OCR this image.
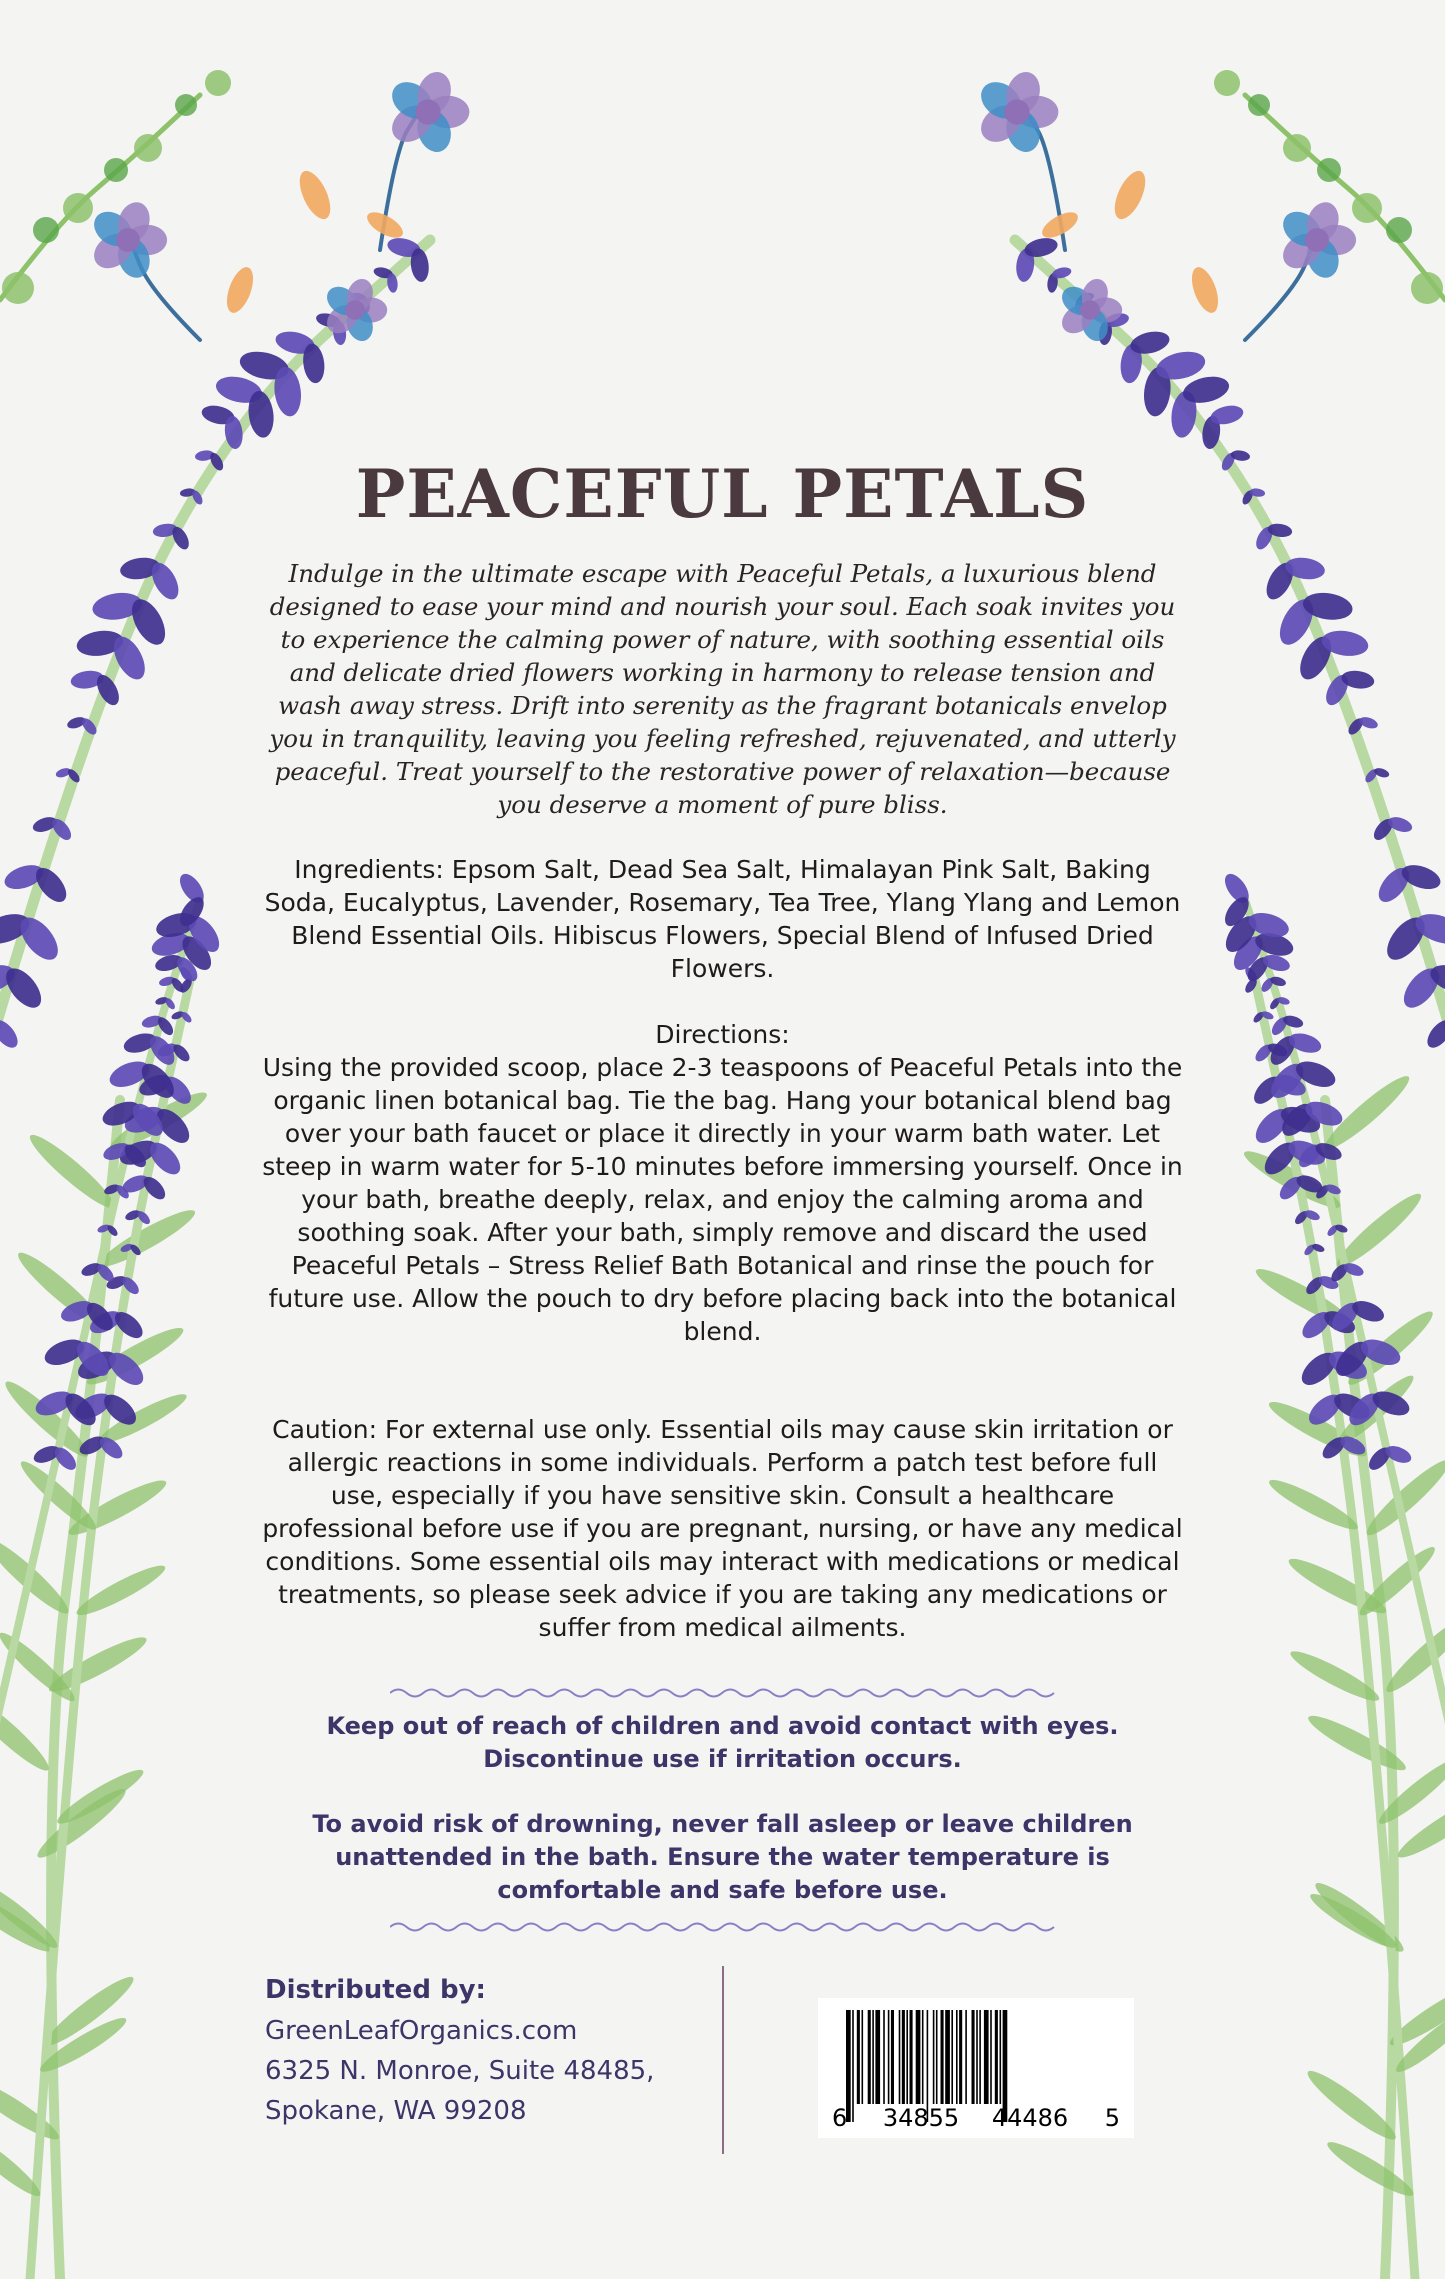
PEACEFUL PETALS

Indulge in the ultimate escape with Peaceful Petals, a luxurious blend designed to ease your mind and nourish your soul. Each soak invites you to experience the calming power of nature, with soothing essential oils and delicate dried flowers working in harmony to release tension and wash away stress. Drift into serenity as the fragrant botanicals envelop you in tranquility, leaving you feeling refreshed, rejuvenated, and utterly peaceful. Treat yourself to the restorative power of relaxation—because you deserve a moment of pure bliss.

Ingredients: Epsom Salt, Dead Sea Salt, Himalayan Pink Salt, Baking Soda, Eucalyptus, Lavender, Rosemary, Tea Tree, Ylang Ylang and Lemon Blend Essential Oils. Hibiscus Flowers, Special Blend of Infused Dried Flowers.

Directions:

Using the provided scoop, place 2-3 teaspoons of Peaceful Petals into the organic linen botanical bag. Tie the bag. Hang your botanical blend bag over your bath faucet or place it directly in your warm bath water. Let steep in warm water for 5-10 minutes before immersing yourself. Once in your bath, breathe deeply, relax, and enjoy the calming aroma and soothing soak. After your bath, simply remove and discard the used Peaceful Petals – Stress Relief Bath Botanical and rinse the pouch for future use. Allow the pouch to dry before placing back into the botanical blend.

Caution: For external use only. Essential oils may cause skin irritation or allergic reactions in some individuals. Perform a patch test before full use, especially if you have sensitive skin. Consult a healthcare professional before use if you are pregnant, nursing, or have any medical conditions. Some essential oils may interact with medications or medical treatments, so please seek advice if you are taking any medications or suffer from medical ailments.

Keep out of reach of children and avoid contact with eyes. Discontinue use if irritation occurs.

To avoid risk of drowning, never fall asleep or leave children unattended in the bath. Ensure the water temperature is comfortable and safe before use.

Distributed by:

GreenLeafOrganics.com

6325 N. Monroe, Suite 48485,

Spokane, WA 99208	6 34855 44486 5
